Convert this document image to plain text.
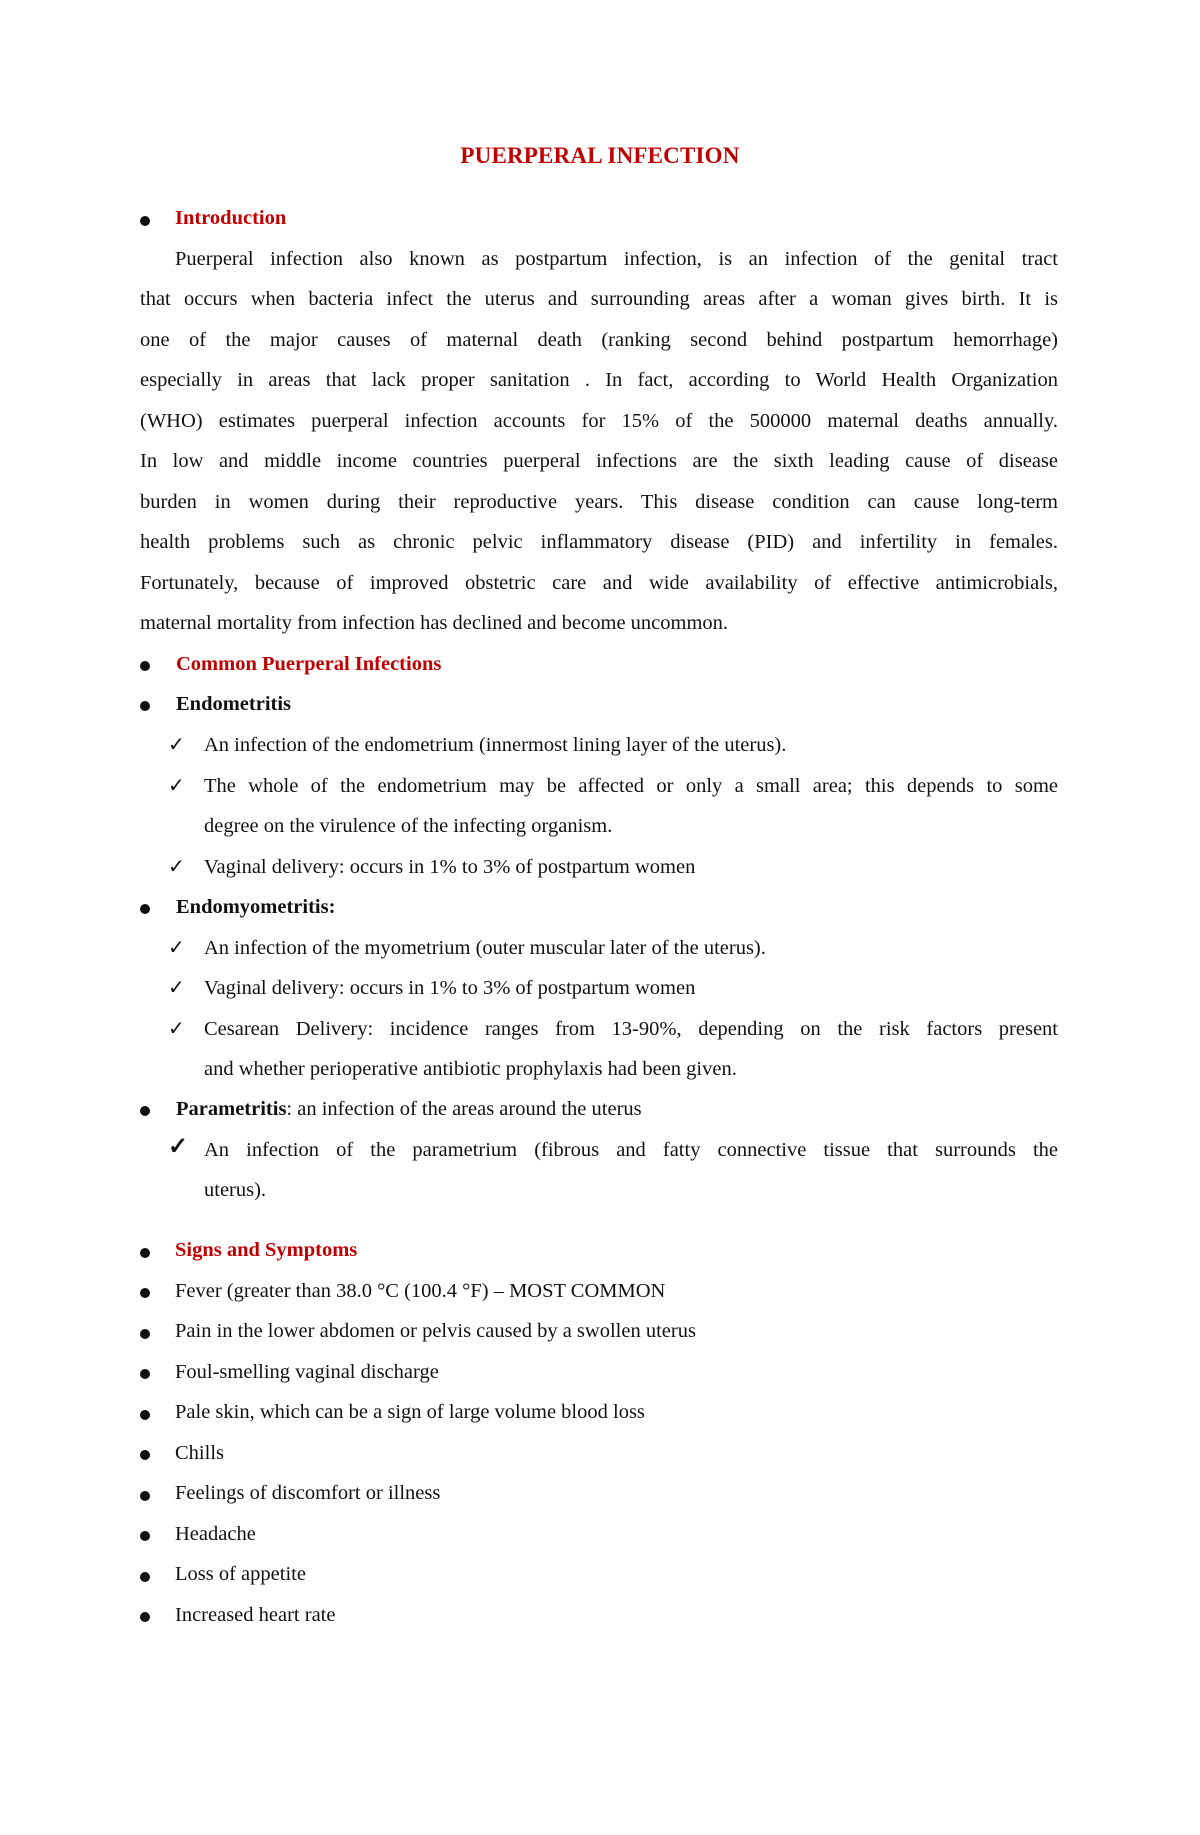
PUERPERAL INFECTION
Introduction
Puerperal infection also known as postpartum infection, is an infection of the genital tract
that occurs when bacteria infect the uterus and surrounding areas after a woman gives birth. It is
one of the major causes of maternal death (ranking second behind postpartum hemorrhage)
especially in areas that lack proper sanitation . In fact, according to World Health Organization
(WHO) estimates puerperal infection accounts for 15% of the 500000 maternal deaths annually.
In low and middle income countries puerperal infections are the sixth leading cause of disease
burden in women during their reproductive years. This disease condition can cause long-term
health problems such as chronic pelvic inflammatory disease (PID) and infertility in females.
Fortunately, because of improved obstetric care and wide availability of effective antimicrobials,
maternal mortality from infection has declined and become uncommon.
Common Puerperal Infections
Endometritis
✓ An infection of the endometrium (innermost lining layer of the uterus).
✓ The whole of the endometrium may be affected or only a small area; this depends to some
degree on the virulence of the infecting organism.
✓ Vaginal delivery: occurs in 1% to 3% of postpartum women
Endomyometritis:
✓ An infection of the myometrium (outer muscular later of the uterus).
✓ Vaginal delivery: occurs in 1% to 3% of postpartum women
✓ Cesarean Delivery: incidence ranges from 13-90%, depending on the risk factors present
and whether perioperative antibiotic prophylaxis had been given.
Parametritis: an infection of the areas around the uterus
✓ An infection of the parametrium (fibrous and fatty connective tissue that surrounds the
uterus).
Signs and Symptoms
Fever (greater than 38.0 °C (100.4 °F) – MOST COMMON
Pain in the lower abdomen or pelvis caused by a swollen uterus
Foul-smelling vaginal discharge
Pale skin, which can be a sign of large volume blood loss
Chills
Feelings of discomfort or illness
Headache
Loss of appetite
Increased heart rate
